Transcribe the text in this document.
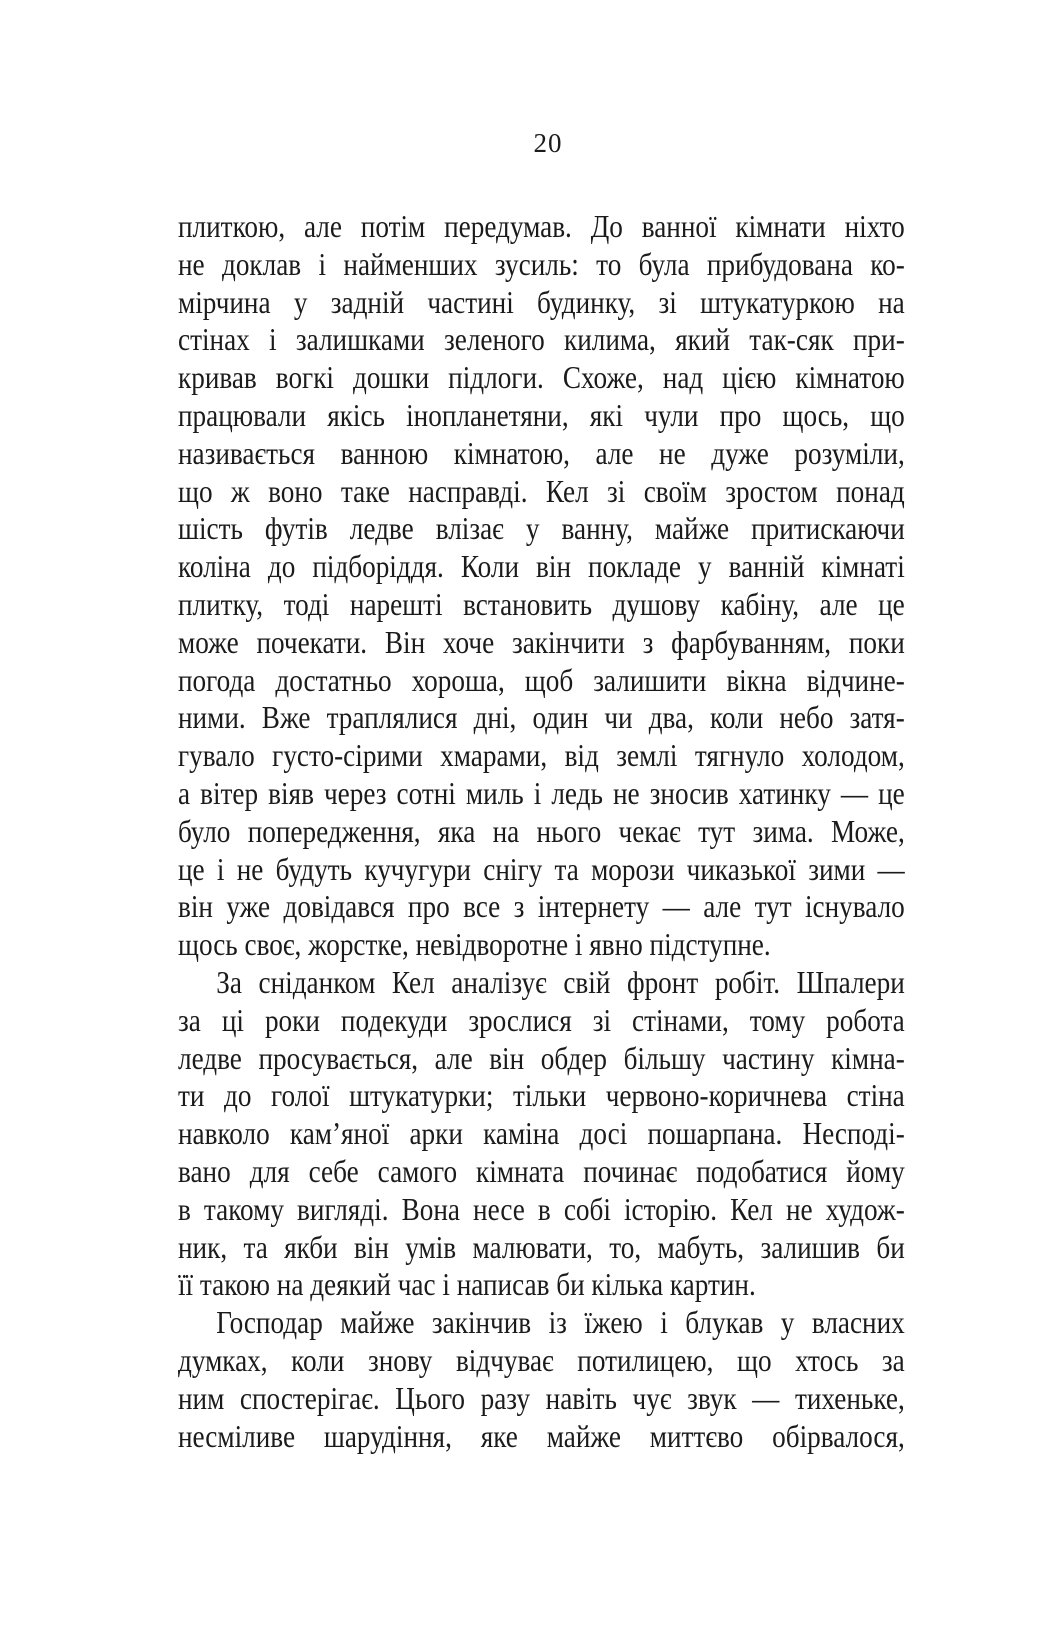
20
плиткою, але потім передумав. До ванної кімнати ніхто
не доклав і найменших зусиль: то була прибудована ко-
мірчина у задній частині будинку, зі штукатуркою на
стінах і залишками зеленого килима, який так-сяк при-
кривав вогкі дошки підлоги. Схоже, над цією кімнатою
працювали якісь інопланетяни, які чули про щось, що
називається ванною кімнатою, але не дуже розуміли,
що ж воно таке насправді. Кел зі своїм зростом понад
шість футів ледве влізає у ванну, майже притискаючи
коліна до підборіддя. Коли він покладе у ванній кімнаті
плитку, тоді нарешті встановить душову кабіну, але це
може почекати. Він хоче закінчити з фарбуванням, поки
погода достатньо хороша, щоб залишити вікна відчине-
ними. Вже траплялися дні, один чи два, коли небо затя-
гувало густо-сірими хмарами, від землі тягнуло холодом,
а вітер віяв через сотні миль і ледь не зносив хатинку — це
було попередження, яка на нього чекає тут зима. Може,
це і не будуть кучугури снігу та морози чиказької зими —
він уже довідався про все з інтернету — але тут існувало
щось своє, жорстке, невідворотне і явно підступне.
За сніданком Кел аналізує свій фронт робіт. Шпалери
за ці роки подекуди зрослися зі стінами, тому робота
ледве просувається, але він обдер більшу частину кімна-
ти до голої штукатурки; тільки червоно-коричнева стіна
навколо кам’яної арки каміна досі пошарпана. Несподі-
вано для себе самого кімната починає подобатися йому
в такому вигляді. Вона несе в собі історію. Кел не худож-
ник, та якби він умів малювати, то, мабуть, залишив би
її такою на деякий час і написав би кілька картин.
Господар майже закінчив із їжею і блукав у власних
думках, коли знову відчуває потилицею, що хтось за
ним спостерігає. Цього разу навіть чує звук — тихеньке,
несміливе шарудіння, яке майже миттєво обірвалося,
